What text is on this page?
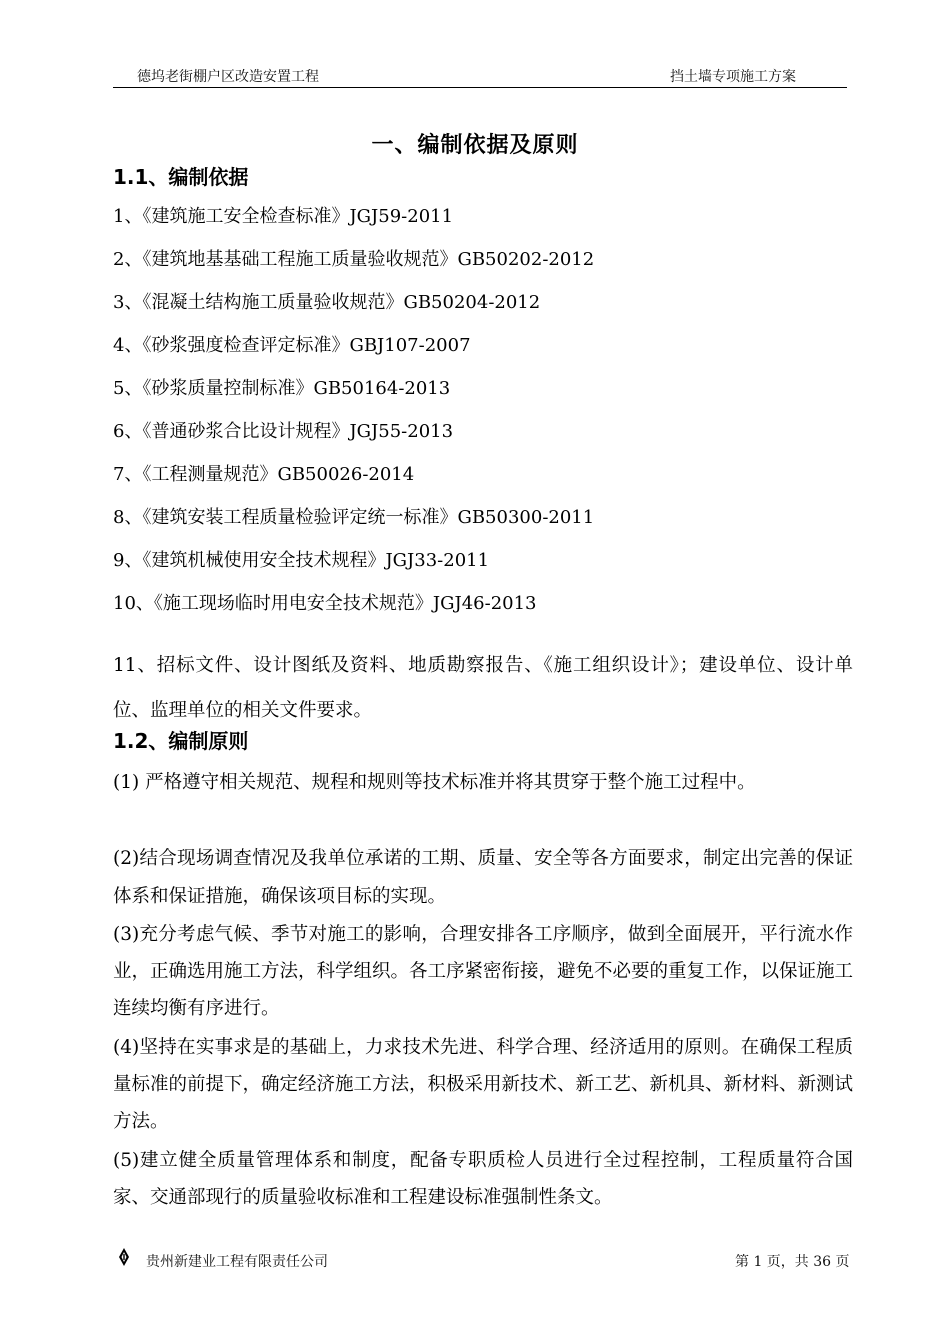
德坞老街棚户区改造安置工程	挡土墙专项施工方案
一、编制依据及原则
1.1、编制依据
1、《建筑施工安全检查标准》JGJ59-2011
2、《建筑地基基础工程施工质量验收规范》GB50202-2012
3、《混凝土结构施工质量验收规范》GB50204-2012
4、《砂浆强度检查评定标准》GBJ107-2007
5、《砂浆质量控制标准》GB50164-2013
6、《普通砂浆合比设计规程》JGJ55-2013
7、《工程测量规范》GB50026-2014
8、《建筑安装工程质量检验评定统一标准》GB50300-2011
9、《建筑机械使用安全技术规程》JGJ33-2011
10、《施工现场临时用电安全技术规范》JGJ46-2013
11、招标文件、设计图纸及资料、地质勘察报告、《施工组织设计》；建设单位、设计单位、监理单位的相关文件要求。
1.2、编制原则
(1) 严格遵守相关规范、规程和规则等技术标准并将其贯穿于整个施工过程中。
(2)结合现场调查情况及我单位承诺的工期、质量、安全等各方面要求，制定出完善的保证体系和保证措施，确保该项目标的实现。
(3)充分考虑气候、季节对施工的影响，合理安排各工序顺序，做到全面展开，平行流水作业，正确选用施工方法，科学组织。各工序紧密衔接，避免不必要的重复工作，以保证施工连续均衡有序进行。
(4)坚持在实事求是的基础上，力求技术先进、科学合理、经济适用的原则。在确保工程质量标准的前提下，确定经济施工方法，积极采用新技术、新工艺、新机具、新材料、新测试方法。
(5)建立健全质量管理体系和制度，配备专职质检人员进行全过程控制，工程质量符合国家、交通部现行的质量验收标准和工程建设标准强制性条文。
贵州新建业工程有限责任公司	第 1 页，共 36 页
